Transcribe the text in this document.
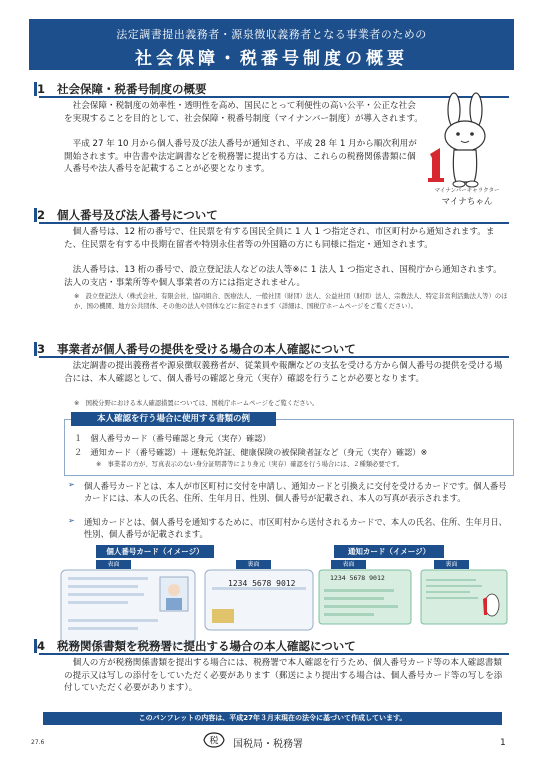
法定調書提出義務者・源泉徴収義務者となる事業者のための
社会保障・税番号制度の概要
1 社会保障・税番号制度の概要
　社会保障・税制度の効率性・透明性を高め、国民にとって利便性の高い公平・公正な社会を実現することを目的として、社会保障・税番号制度（マイナンバー制度）が導入されます。
　平成 27 年 10 月から個人番号及び法人番号が通知され、平成 28 年 1 月から順次利用が開始されます。申告書や法定調書などを税務署に提出する方は、これらの税務関係書類に個人番号や法人番号を記載することが必要となります。
マイナンバーキャラクター
マイナちゃん
2 個人番号及び法人番号について
　個人番号は、12 桁の番号で、住民票を有する国民全員に 1 人 1 つ指定され、市区町村から通知されます。また、住民票を有する中長期在留者や特別永住者等の外国籍の方にも同様に指定・通知されます。
　法人番号は、13 桁の番号で、設立登記法人などの法人等※に 1 法人 1 つ指定され、国税庁から通知されます。法人の支店・事業所等や個人事業者の方には指定されません。
※　設立登記法人（株式会社、有限会社、協同組合、医療法人、一般社団（財団）法人、公益社団（財団）法人、宗教法人、特定非営利活動法人等）のほか、国の機関、地方公共団体、その他の法人や団体などに指定されます（詳細は、国税庁ホームページをご覧ください）。
3 事業者が個人番号の提供を受ける場合の本人確認について
　法定調書の提出義務者や源泉徴収義務者が、従業員や報酬などの支払を受ける方から個人番号の提供を受ける場合には、本人確認として、個人番号の確認と身元（実存）確認を行うことが必要となります。
※　国税分野における本人確認措置については、国税庁ホームページをご覧ください。
本人確認を行う場合に使用する書類の例
１　個人番号カード（番号確認と身元（実存）確認）
２　通知カード（番号確認）＋ 運転免許証、健康保険の被保険者証など（身元（実存）確認）※
※　事業者の方が、写真表示のない身分証明書等により身元（実存）確認を行う場合には、２種類必要です。
➢ 個人番号カードとは、本人が市区町村に交付を申請し、通知カードと引換えに交付を受けるカードです。個人番号カードには、本人の氏名、住所、生年月日、性別、個人番号が記載され、本人の写真が表示されます。
➢ 通知カードとは、個人番号を通知するために、市区町村から送付されるカードで、本人の氏名、住所、生年月日、性別、個人番号が記載されます。
個人番号カード（イメージ）	通知カード（イメージ）
表面	裏面	表面	裏面
1234 5678 9012
1234 5678 9012
4 税務関係書類を税務署に提出する場合の本人確認について
　個人の方が税務関係書類を提出する場合には、税務署で本人確認を行うため、個人番号カード等の本人確認書類の提示又は写しの添付をしていただく必要があります（郵送により提出する場合は、個人番号カード等の写しを添付していただく必要があります）。
このパンフレットの内容は、平成27年３月末現在の法令に基づいて作成しています。
27.6	税 国税局・税務署	1
